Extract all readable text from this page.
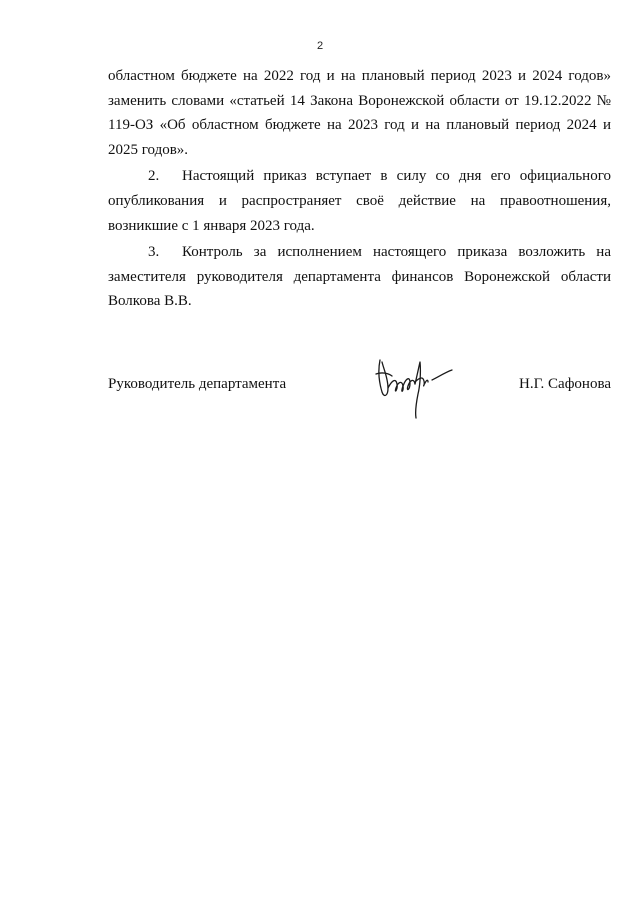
2

областном бюджете на 2022 год и на плановый период 2023 и 2024 годов» заменить словами «статьей 14 Закона Воронежской области от 19.12.2022 № 119-ОЗ «Об областном бюджете на 2023 год и на плановый период 2024 и 2025 годов».

2. Настоящий приказ вступает в силу со дня его официального опубликования и распространяет своё действие на правоотношения, возникшие с 1 января 2023 года.

3. Контроль за исполнением настоящего приказа возложить на заместителя руководителя департамента финансов Воронежской области Волкова В.В.

Руководитель департамента	Н.Г. Сафонова
